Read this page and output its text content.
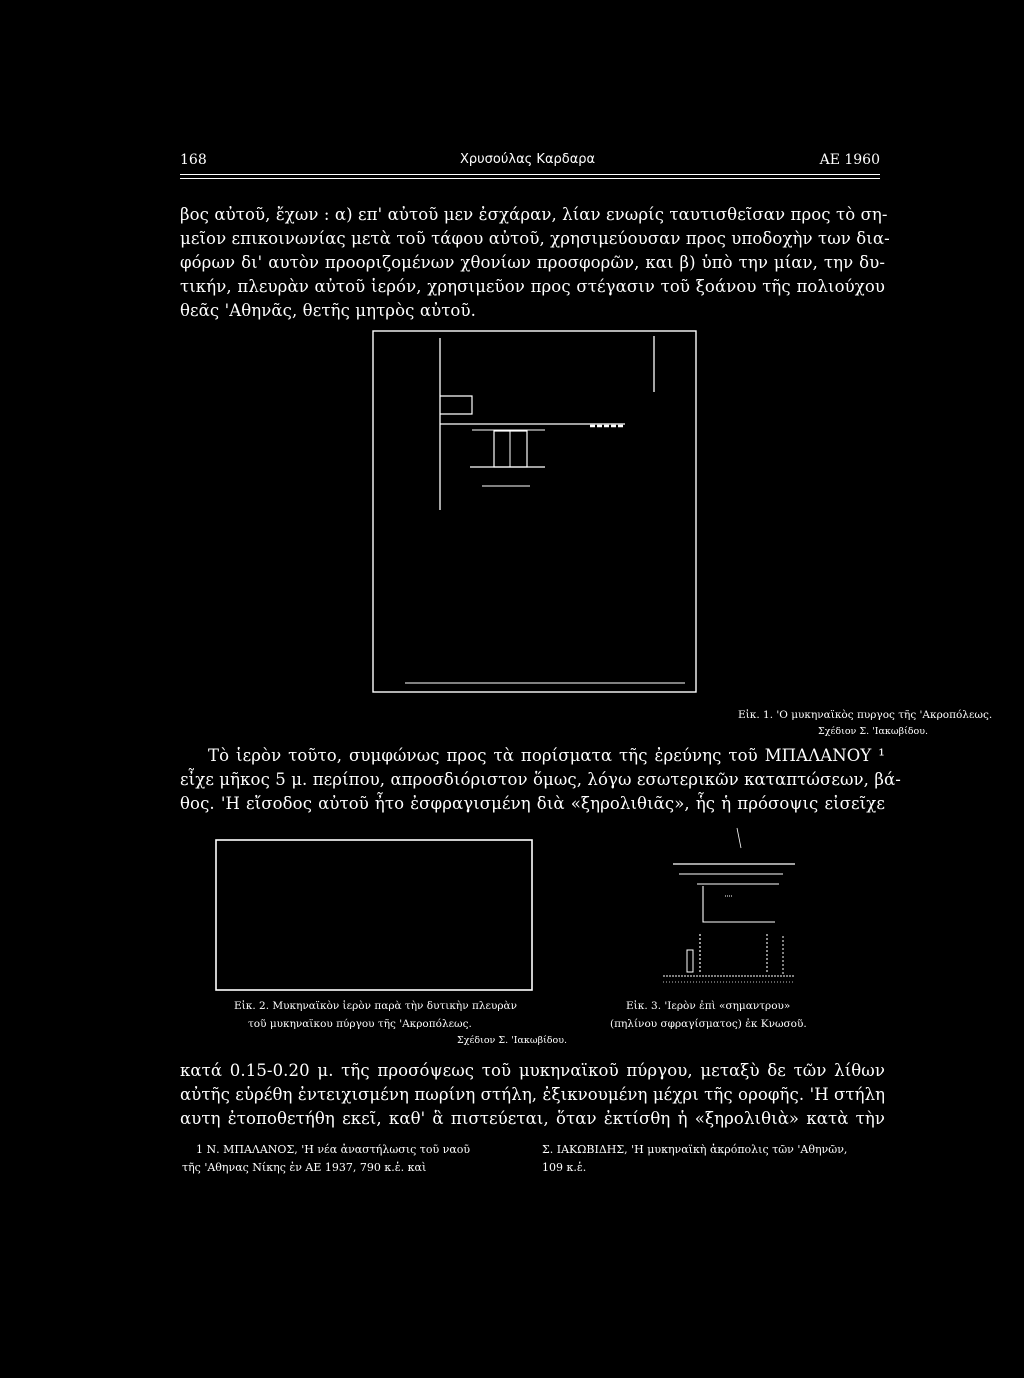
168	Χρυσούλας Καρδαρα	ΑΕ 1960
βος αὐτοῦ, ἔχων : α) επ' αὐτοῦ μεν ἐσχάραν, λίαν ενωρίς ταυτισθεῖσαν προς τὸ ση-
μεῖον επικοινωνίας μετὰ τοῦ τάφου αὐτοῦ, χρησιμεύουσαν προς υποδοχὴν των δια-
φόρων δι' αυτὸν προοριζομένων χθονίων προσφορῶν, και β) ὑπὸ την μίαν, την δυ-
τικήν, πλευρὰν αὐτοῦ ἱερόν, χρησιμεῦον προς στέγασιν τοῦ ξοάνου τῆς πολιούχου
θεᾶς 'Αθηνᾶς, θετῆς μητρὸς αὐτοῦ.
Εἰκ. 1. 'Ο μυκηναϊκὸς πυργος τῆς 'Ακροπόλεως.
Σχέδιον Σ. 'Ιακωβίδου.
Τὸ ἱερὸν τοῦτο, συμφώνως προς τὰ πορίσματα τῆς ἐρεύνης τοῦ ΜΠΑΛΑΝΟΥ ¹
εἶχε μῆκος 5 μ. περίπου, απροσδιόριστον ὅμως, λόγω εσωτερικῶν καταπτώσεων, βά-
θος. 'Η εἴσοδος αὐτοῦ ἦτο ἐσφραγισμένη διὰ «ξηρολιθιᾶς», ἧς ἡ πρόσοψις εἰσεῖχε
Εἰκ. 2. Μυκηναϊκὸν ἱερὸν παρὰ τὴν δυτικὴν πλευρὰν
τοῦ μυκηναϊκου πύργου τῆς 'Ακροπόλεως.
Σχέδιον Σ. 'Ιακωβίδου.
Εἰκ. 3. 'Ιερὸν ἐπὶ «σημαντρου»
(πηλίνου σφραγίσματος) ἐκ Κνωσοῦ.
κατά 0.15-0.20 μ. τῆς προσόψεως τοῦ μυκηναϊκοῦ πύργου, μεταξὺ δε τῶν λίθων
αὐτῆς εὑρέθη ἐντειχισμένη πωρίνη στήλη, ἐξικνουμένη μέχρι τῆς οροφῆς. 'Η στήλη
αυτη ἐτοποθετήθη εκεῖ, καθ' ἃ πιστεύεται, ὅταν ἐκτίσθη ἡ «ξηρολιθιὰ» κατὰ τὴν
1 Ν. ΜΠΑΛΑΝΟΣ, 'Η νέα ἀναστήλωσις τοῦ ναοῦ
τῆς 'Αθηνας Νίκης ἐν ΑΕ 1937, 790 κ.ἑ. καὶ
Σ. ΙΑΚΩΒΙΔΗΣ, 'Η μυκηναϊκὴ ἀκρόπολις τῶν 'Αθηνῶν,
109 κ.ἑ.
